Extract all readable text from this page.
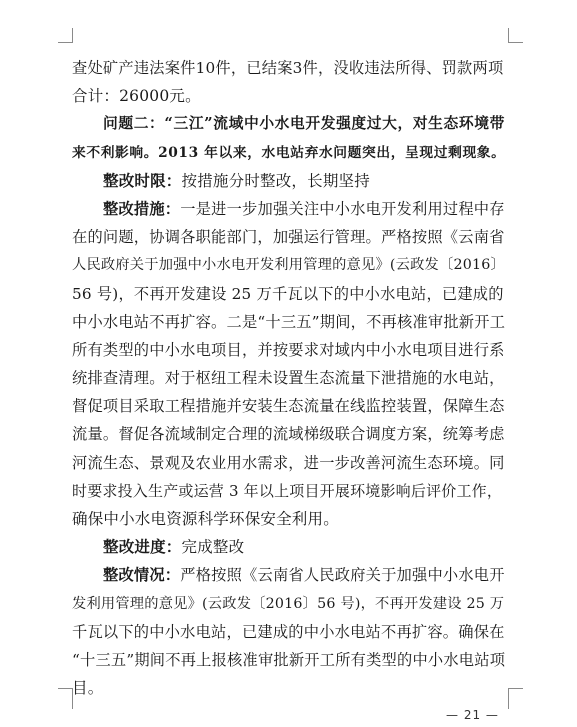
查处矿产违法案件10件，已结案3件，没收违法所得、罚款两项
合计：26000元。
问题二：“三江”流域中小水电开发强度过大，对生态环境带
来不利影响。2013 年以来，水电站弃水问题突出，呈现过剩现象。
整改时限：按措施分时整改，长期坚持
整改措施：一是进一步加强关注中小水电开发利用过程中存
在的问题，协调各职能部门，加强运行管理。严格按照《云南省
人民政府关于加强中小水电开发利用管理的意见》(云政发〔2016〕
56 号)，不再开发建设 25 万千瓦以下的中小水电站，已建成的
中小水电站不再扩容。二是“十三五”期间，不再核准审批新开工
所有类型的中小水电项目，并按要求对域内中小水电项目进行系
统排查清理。对于枢纽工程未设置生态流量下泄措施的水电站，
督促项目采取工程措施并安装生态流量在线监控装置，保障生态
流量。督促各流域制定合理的流域梯级联合调度方案，统筹考虑
河流生态、景观及农业用水需求，进一步改善河流生态环境。同
时要求投入生产或运营 3 年以上项目开展环境影响后评价工作，
确保中小水电资源科学环保安全利用。
整改进度：完成整改
整改情况：严格按照《云南省人民政府关于加强中小水电开
发利用管理的意见》(云政发〔2016〕56 号)，不再开发建设 25 万
千瓦以下的中小水电站，已建成的中小水电站不再扩容。确保在
“十三五”期间不再上报核准审批新开工所有类型的中小水电站项
目。
— 21 —
